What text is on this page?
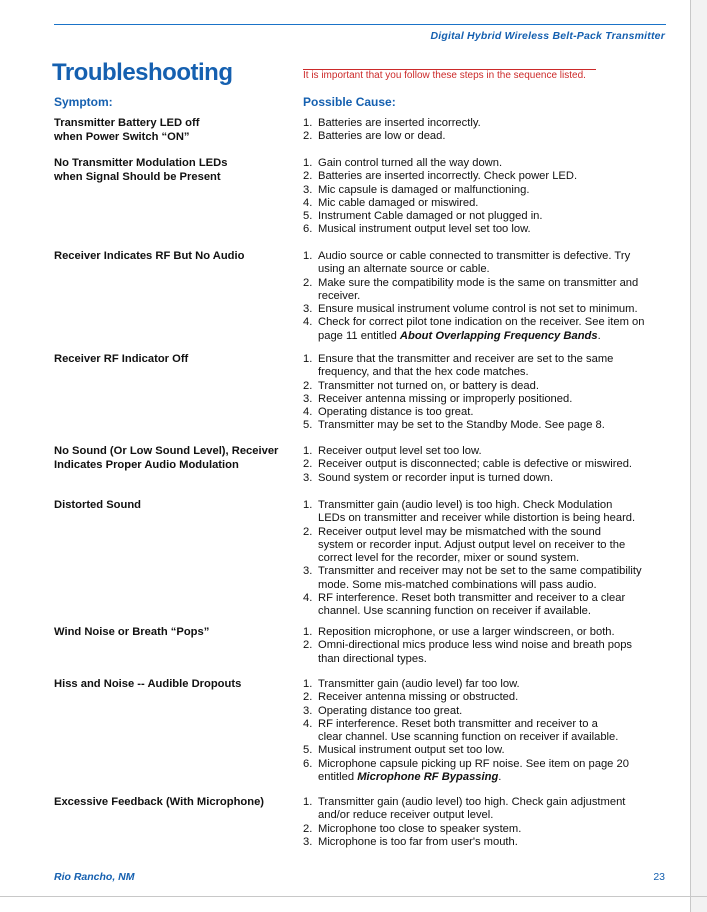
Digital Hybrid Wireless Belt-Pack Transmitter
Troubleshooting	It is important that you follow these steps in the sequence listed.
Symptom:	Possible Cause:
Transmitter Battery LED off
when Power Switch “ON”
1. Batteries are inserted incorrectly.
2. Batteries are low or dead.
No Transmitter Modulation LEDs
when Signal Should be Present
1. Gain control turned all the way down.
2. Batteries are inserted incorrectly. Check power LED.
3. Mic capsule is damaged or malfunctioning.
4. Mic cable damaged or miswired.
5. Instrument Cable damaged or not plugged in.
6. Musical instrument output level set too low.
Receiver Indicates RF But No Audio	1. Audio source or cable connected to transmitter is defective. Try
using an alternate source or cable.
2. Make sure the compatibility mode is the same on transmitter and
receiver.
3. Ensure musical instrument volume control is not set to minimum.
4. Check for correct pilot tone indication on the receiver. See item on
page 11 entitled About Overlapping Frequency Bands.
Receiver RF Indicator Off	1. Ensure that the transmitter and receiver are set to the same
frequency, and that the hex code matches.
2. Transmitter not turned on, or battery is dead.
3. Receiver antenna missing or improperly positioned.
4. Operating distance is too great.
5. Transmitter may be set to the Standby Mode. See page 8.
No Sound (Or Low Sound Level), Receiver
Indicates Proper Audio Modulation
1. Receiver output level set too low.
2. Receiver output is disconnected; cable is defective or miswired.
3. Sound system or recorder input is turned down.
Distorted Sound	1. Transmitter gain (audio level) is too high. Check Modulation
LEDs on transmitter and receiver while distortion is being heard.
2. Receiver output level may be mismatched with the sound
system or recorder input. Adjust output level on receiver to the
correct level for the recorder, mixer or sound system.
3. Transmitter and receiver may not be set to the same compatibility
mode. Some mis-matched combinations will pass audio.
4. RF interference. Reset both transmitter and receiver to a clear
channel. Use scanning function on receiver if available.
Wind Noise or Breath “Pops”	1. Reposition microphone, or use a larger windscreen, or both.
2. Omni-directional mics produce less wind noise and breath pops
than directional types.
Hiss and Noise -- Audible Dropouts	1. Transmitter gain (audio level) far too low.
2. Receiver antenna missing or obstructed.
3. Operating distance too great.
4. RF interference. Reset both transmitter and receiver to a
clear channel. Use scanning function on receiver if available.
5. Musical instrument output set too low.
6. Microphone capsule picking up RF noise. See item on page 20
entitled Microphone RF Bypassing.
Excessive Feedback (With Microphone)	1. Transmitter gain (audio level) too high. Check gain adjustment
and/or reduce receiver output level.
2. Microphone too close to speaker system.
3. Microphone is too far from user's mouth.
Rio Rancho, NM	23
